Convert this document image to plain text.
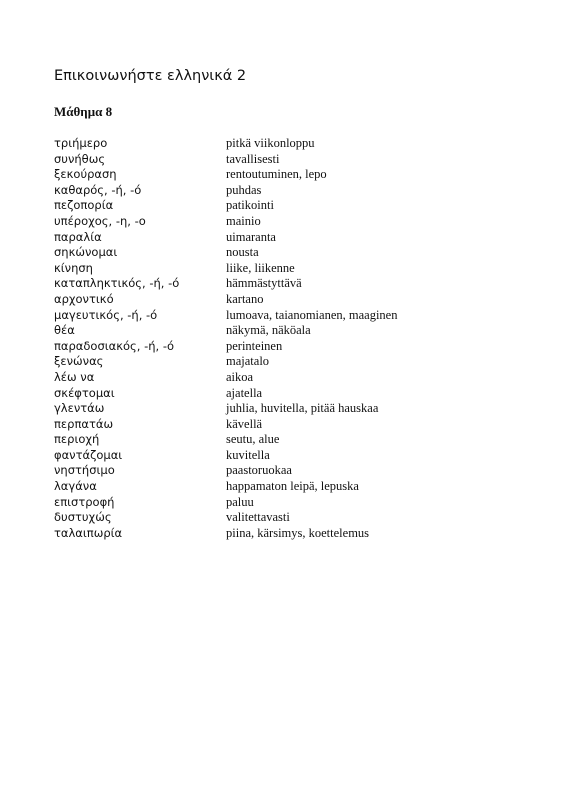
Επικοινωνήστε ελληνικά 2
Μάθημα 8
τριήμερο	pitkä viikonloppu
συνήθως	tavallisesti
ξεκούραση	rentoutuminen, lepo
καθαρός, -ή, -ό	puhdas
πεζοπορία	patikointi
υπέροχος, -η, -ο	mainio
παραλία	uimaranta
σηκώνομαι	nousta
κίνηση	liike, liikenne
καταπληκτικός, -ή, -ό	hämmästyttävä
αρχοντικό	kartano
μαγευτικός, -ή, -ό	lumoava, taianomianen, maaginen
θέα	näkymä, näköala
παραδοσιακός, -ή, -ό	perinteinen
ξενώνας	majatalo
λέω να	aikoa
σκέφτομαι	ajatella
γλεντάω	juhlia, huvitella, pitää hauskaa
περπατάω	kävellä
περιοχή	seutu, alue
φαντάζομαι	kuvitella
νηστήσιμο	paastoruokaa
λαγάνα	happamaton leipä, lepuska
επιστροφή	paluu
δυστυχώς	valitettavasti
ταλαιπωρία	piina, kärsimys, koettelemus
